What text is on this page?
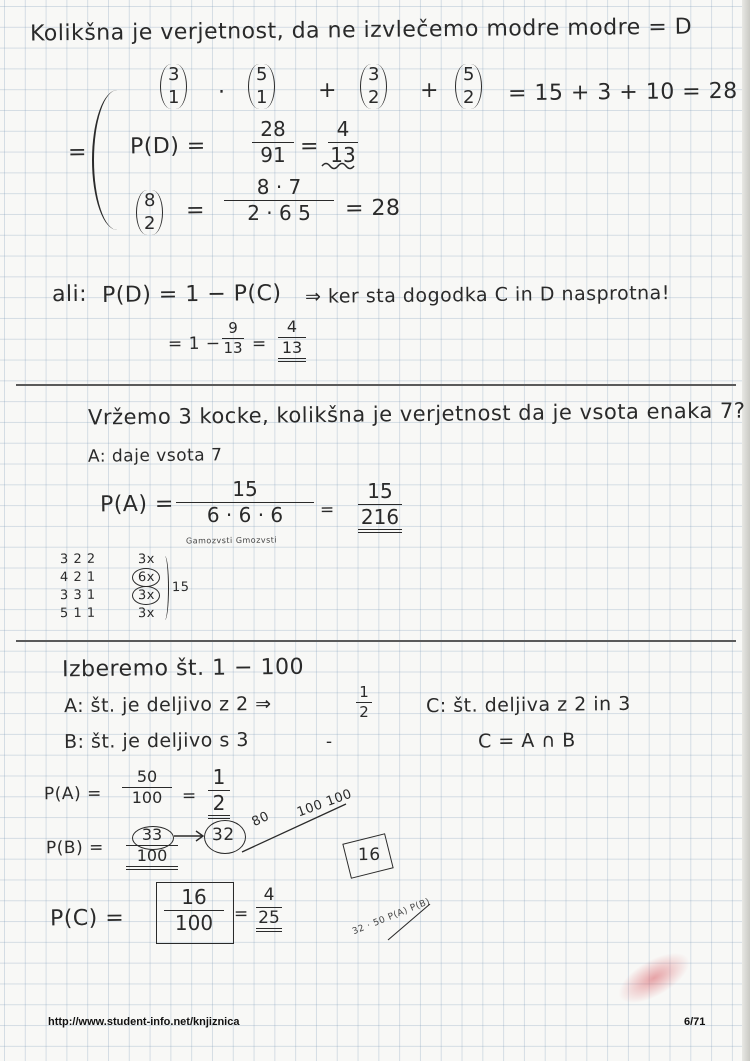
Kolikšna je verjetnost, da ne izvlečemo modre modre = D
3
1 ·
5
1 +
3
2 +
5
2 = 15 + 3 + 10 = 28
= P(D) =
28
91 =
4
13
8
2 =
8 · 7
2 · 6 5	= 28
ali: P(D) = 1 − P(C) ⇒ ker sta dogodka C in D nasprotna!
= 1 −
9
13 =
4
13
Vržemo 3 kocke, kolikšna je verjetnost da je vsota enaka 7?
A: daje vsota 7
P(A) =
15
6 · 6 · 6	=
15
216
Gamozvsti Gmozvsti
3 2 2	3x
4 2 1	6x
3 3 1	3x
5 1 1	3x
15
Izberemo št. 1 − 100
A: št. je deljivo z 2 ⇒
1
2	C: št. deljiva z 2 in 3
B: št. je deljivo s 3	-	C = A ∩ B
P(A) =
50
100	=
1
2
P(B) =
33
100
32
80 100 100
16
P(C) =
16
100	=
4
25	32 · 50 P(A) P(B)
http://www.student-info.net/knjiznica	6/71
